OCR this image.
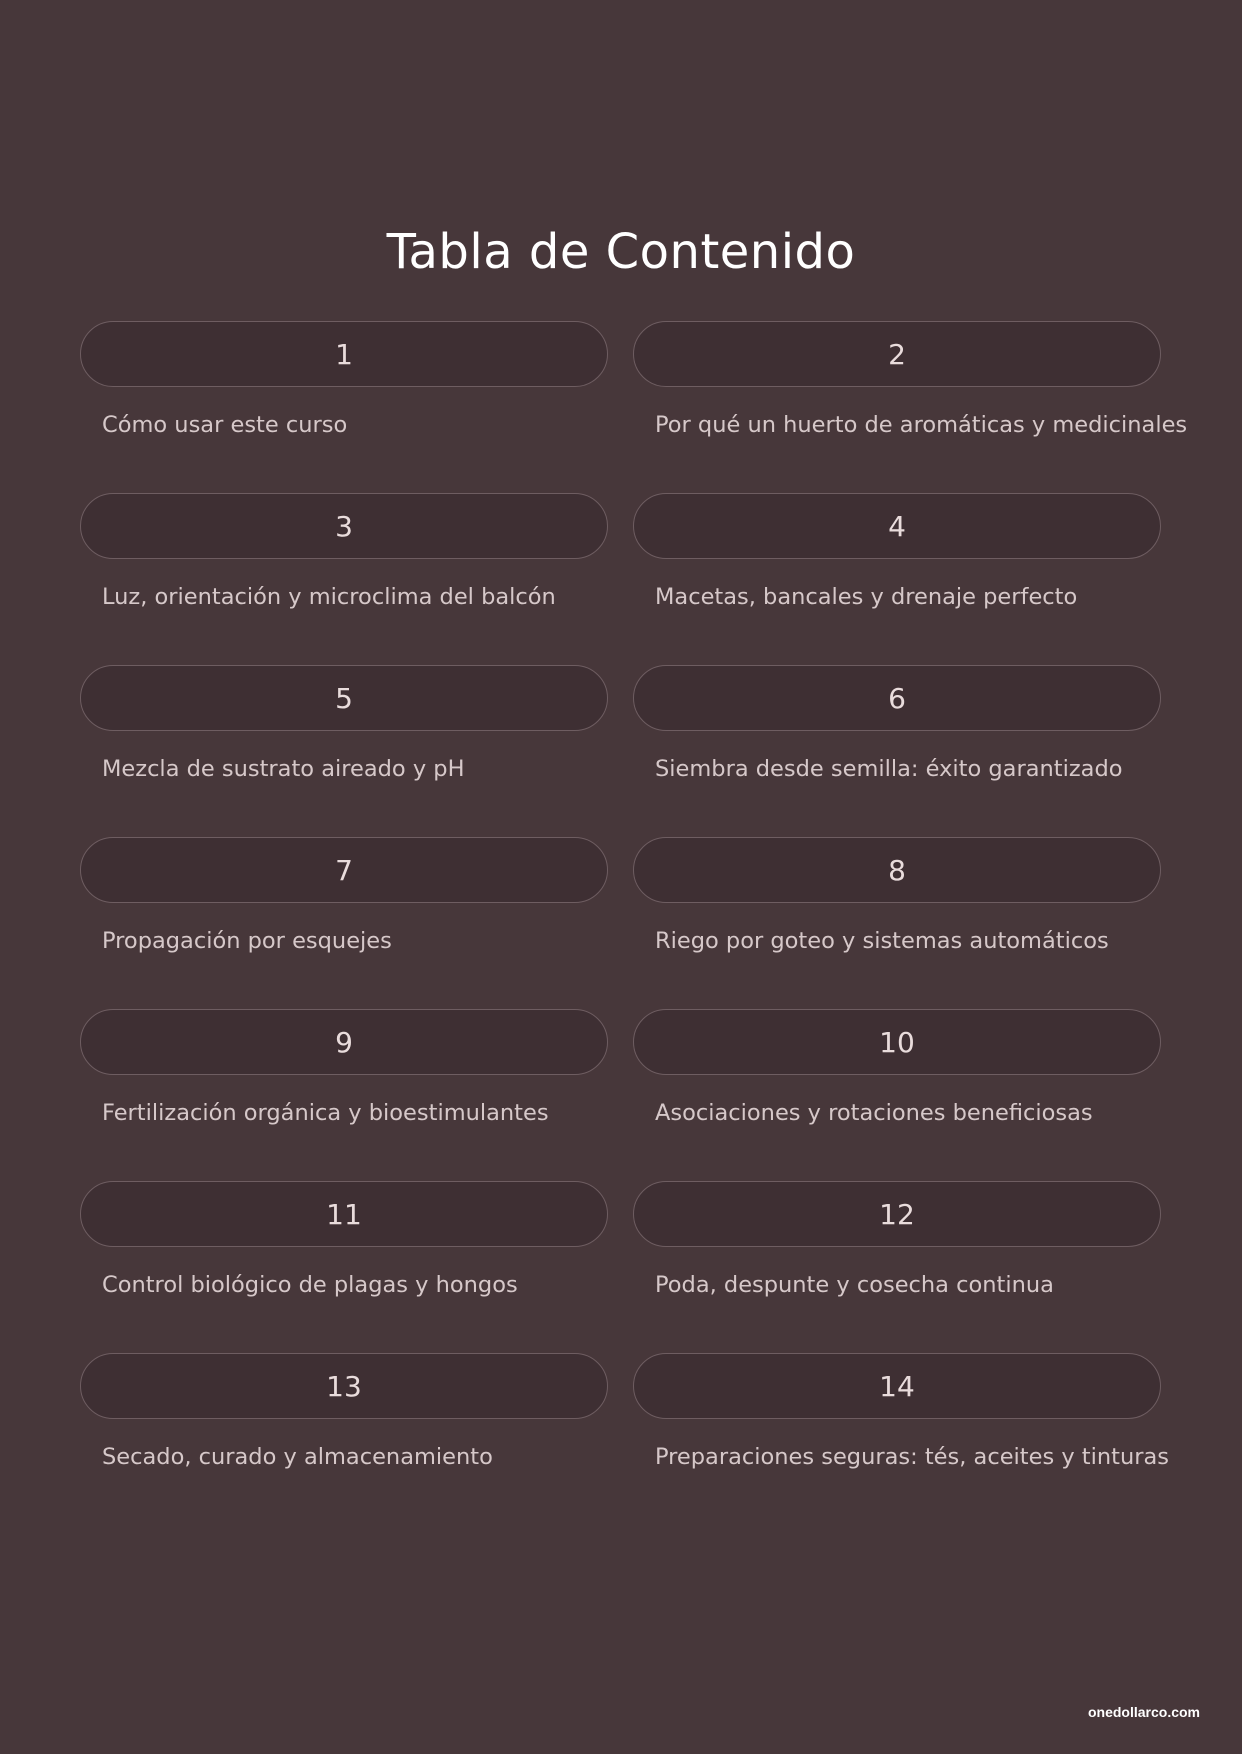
Tabla de Contenido
1
Cómo usar este curso
2
Por qué un huerto de aromáticas y medicinales
3
Luz, orientación y microclima del balcón
4
Macetas, bancales y drenaje perfecto
5
Mezcla de sustrato aireado y pH
6
Siembra desde semilla: éxito garantizado
7
Propagación por esquejes
8
Riego por goteo y sistemas automáticos
9
Fertilización orgánica y bioestimulantes
10
Asociaciones y rotaciones beneficiosas
11
Control biológico de plagas y hongos
12
Poda, despunte y cosecha continua
13
Secado, curado y almacenamiento
14
Preparaciones seguras: tés, aceites y tinturas
onedollarco.com
